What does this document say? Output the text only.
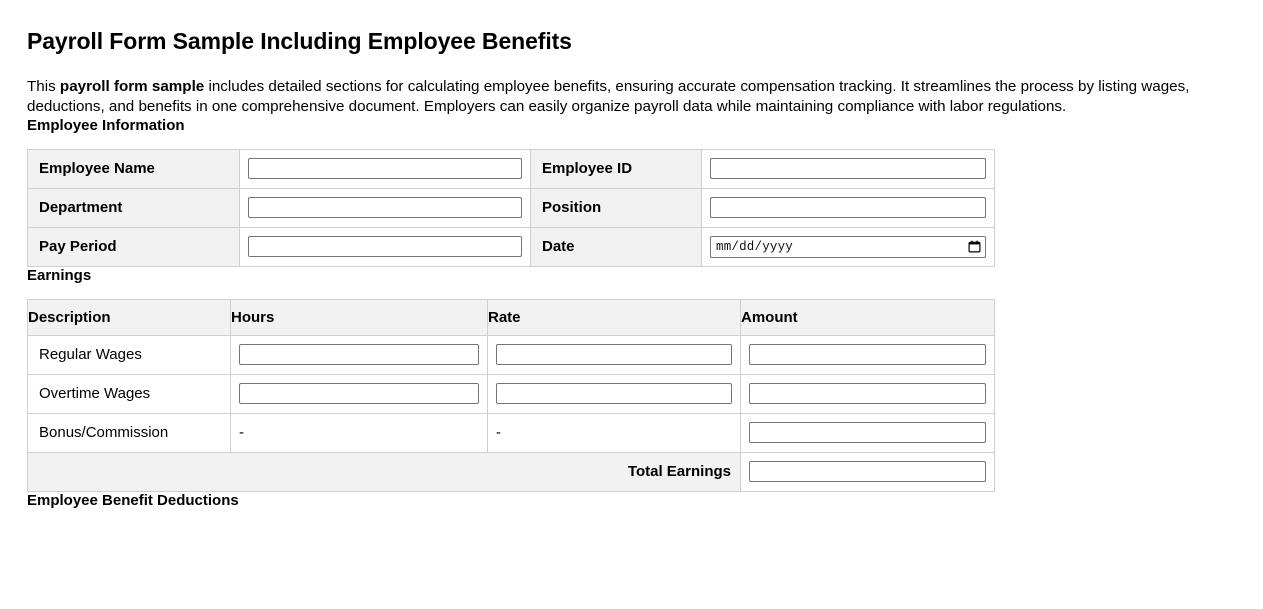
Payroll Form Sample Including Employee Benefits

This payroll form sample includes detailed sections for calculating employee benefits, ensuring accurate compensation tracking. It streamlines the process by listing wages, deductions, and benefits in one comprehensive document. Employers can easily organize payroll data while maintaining compliance with labor regulations.

Employee Information
Employee Name		Employee ID	

Department		Position	

Pay Period		Date	mm/dd/yyyy
Earnings
Description	Hours	Rate	Amount
Regular Wages	

Overtime Wages	

Bonus/Commission	-	-	

Total Earnings	
Employee Benefit Deductions
